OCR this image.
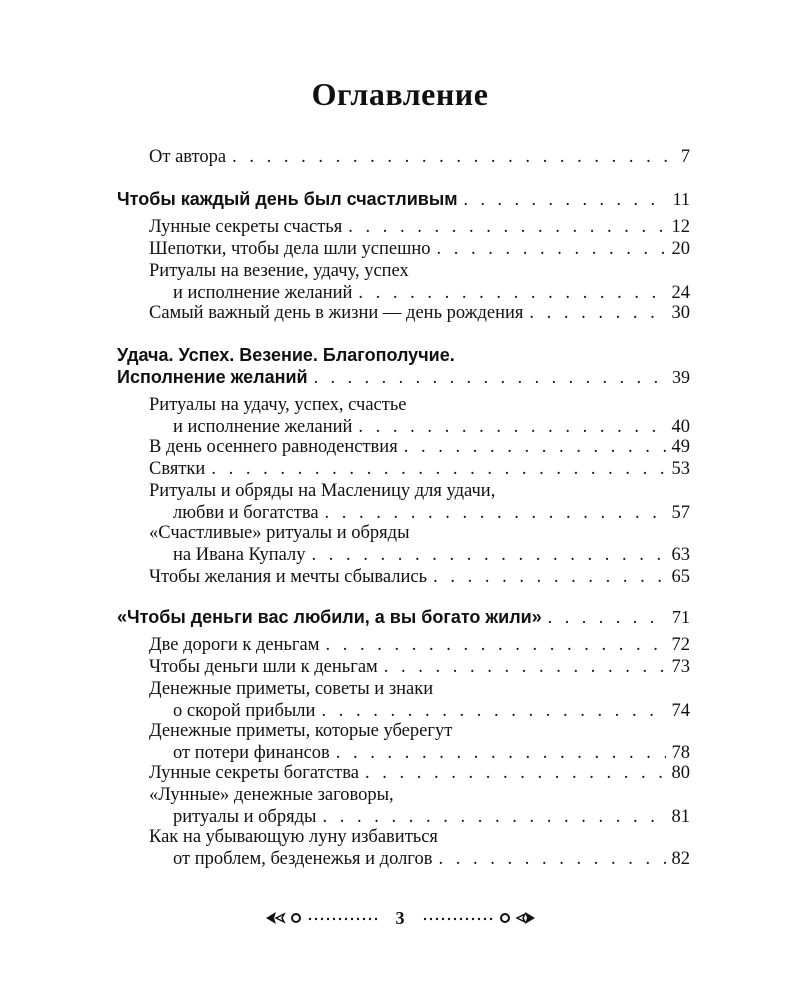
Оглавление
От автора . . .	7
Чтобы каждый день был счастливым . . .	11
Лунные секреты счастья . . .	12
Шепотки, чтобы дела шли успешно . . .	20
Ритуалы на везение, удачу, успех
и исполнение желаний . . .	24
Самый важный день в жизни — день рождения . . .	30
Удача. Успех. Везение. Благополучие.
Исполнение желаний . . .	39
Ритуалы на удачу, успех, счастье
и исполнение желаний . . .	40
В день осеннего равноденствия . . .	49
Святки . . .	53
Ритуалы и обряды на Масленицу для удачи,
любви и богатства . . .	57
«Счастливые» ритуалы и обряды
на Ивана Купалу . . .	63
Чтобы желания и мечты сбывались . . .	65
«Чтобы деньги вас любили, а вы богато жили» . . .	71
Две дороги к деньгам . . .	72
Чтобы деньги шли к деньгам . . .	73
Денежные приметы, советы и знаки
о скорой прибыли . . .	74
Денежные приметы, которые уберегут
от потери финансов . . .	78
Лунные секреты богатства . . .	80
«Лунные» денежные заговоры,
ритуалы и обряды . . .	81
Как на убывающую луну избавиться
от проблем, безденежья и долгов . . .	82
3
